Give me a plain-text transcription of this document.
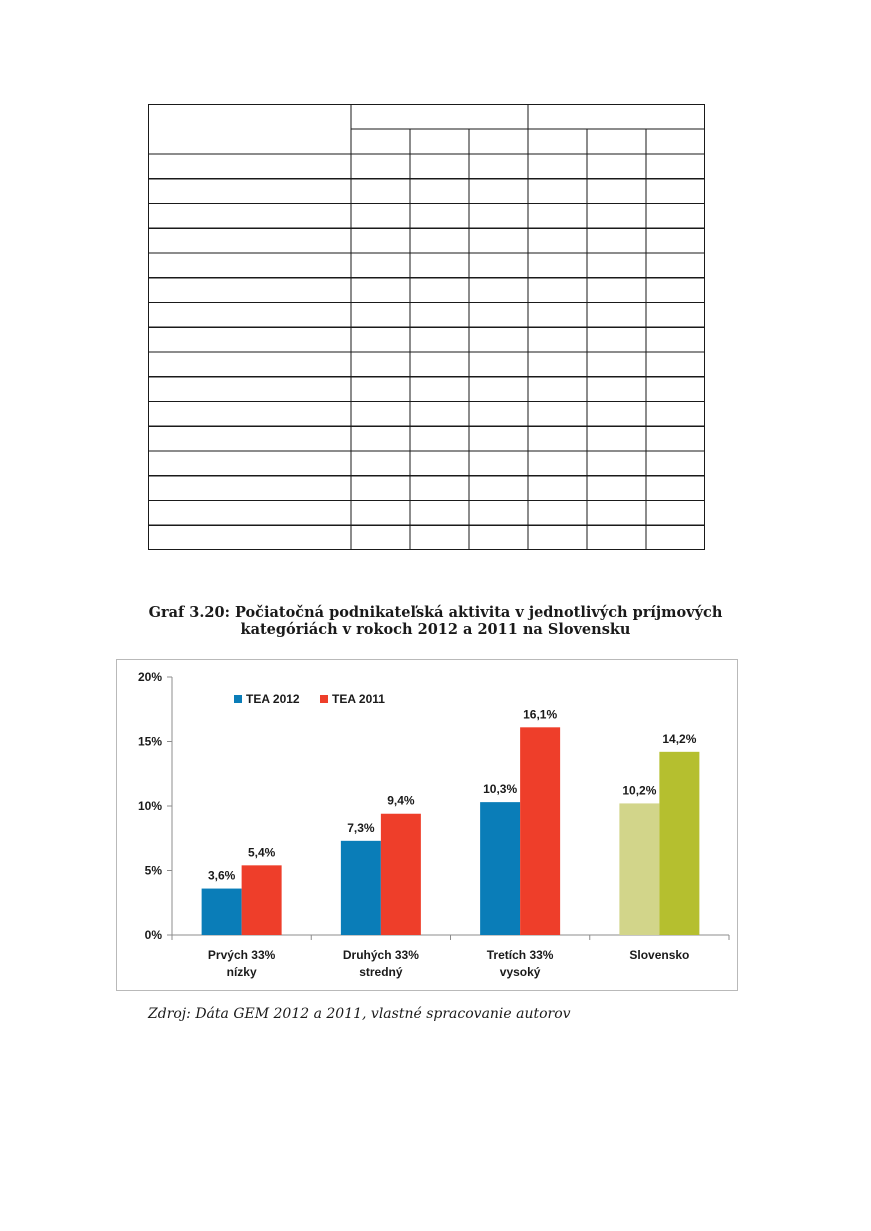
Graf 3.20: Počiatočná podnikateľská aktivita v jednotlivých príjmových
kategóriách v rokoch 2012 a 2011 na Slovensku
0%
5%
10%
15%
20%
3,6%
5,4%
Prvých 33%
nízky
7,3%
9,4%
Druhých 33%
stredný
10,3%
16,1%
Tretích 33%
vysoký
10,2%
14,2%
Slovensko
TEA 2012	TEA 2011
Zdroj: Dáta GEM 2012 a 2011, vlastné spracovanie autorov
